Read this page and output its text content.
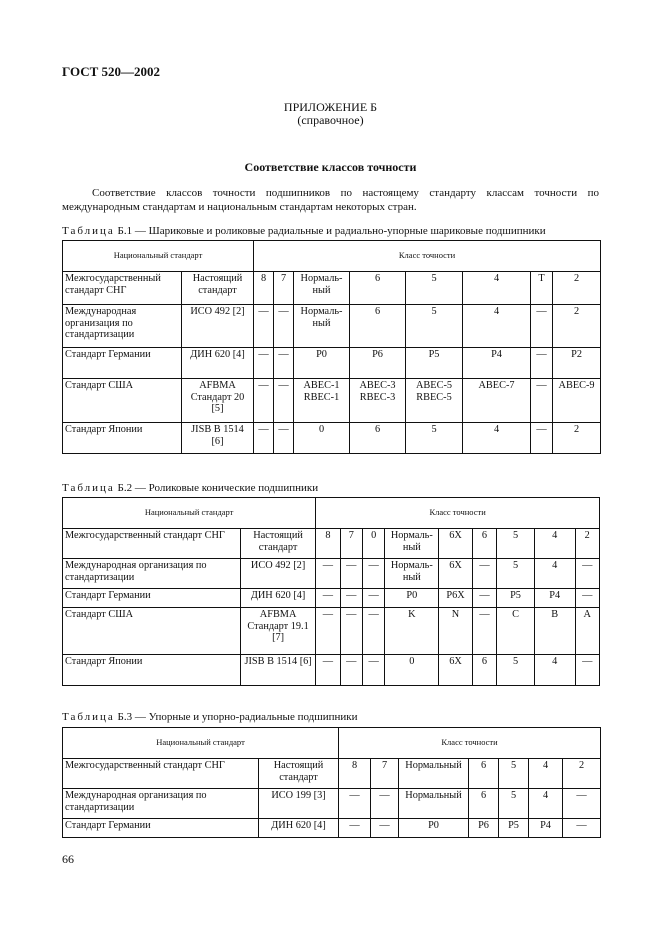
ГОСТ 520—2002
ПРИЛОЖЕНИЕ Б
(справочное)
Соответствие классов точности
Соответствие классов точности подшипников по настоящему стандарту классам точности по международным стандартам и национальным стандартам некоторых стран.
Таблица Б.1 — Шариковые и роликовые радиальные и радиально-упорные шариковые подшипники
Национальный стандарт		Класс точности							
Межгосударственный стандарт СНГ	Настоящий стандарт	8	7	Нормаль-ный	6	5	4	Т	2
Международная организация по стандартизации	ИСО 492 [2]	—	—	Нормаль-ный	6	5	4	—	2
Стандарт Германии	ДИН 620 [4]	—	—	P0	P6	P5	P4	—	P2
Стандарт США	AFBMA Стандарт 20 [5]	—	—	ABEC-1 RBEC-1	ABEC-3 RBEC-3	ABEC-5 RBEC-5	ABEC-7	—	ABEC-9
Стандарт Японии	JISB B 1514 [6]	—	—	0	6	5	4	—	2
Таблица Б.2 — Роликовые конические подшипники
Национальный стандарт		Класс точности								
Межгосударственный стандарт СНГ	Настоящий стандарт	8	7	0	Нормаль-ный	6X	6	5	4	2
Международная организация по стандартизации	ИСО 492 [2]	—	—	—	Нормаль-ный	6X	—	5	4	—
Стандарт Германии	ДИН 620 [4]	—	—	—	P0	P6X	—	P5	P4	—
Стандарт США	AFBMA Стандарт 19.1 [7]	—	—	—	K	N	—	C	B	A
Стандарт Японии	JISB B 1514 [6]	—	—	—	0	6X	6	5	4	—
Таблица Б.3 — Упорные и упорно-радиальные подшипники
Национальный стандарт		Класс точности						
Межгосударственный стандарт СНГ	Настоящий стандарт	8	7	Нормальный	6	5	4	2
Международная организация по стандартизации	ИСО 199 [3]	—	—	Нормальный	6	5	4	—
Стандарт Германии	ДИН 620 [4]	—	—	P0	P6	P5	P4	—
66
